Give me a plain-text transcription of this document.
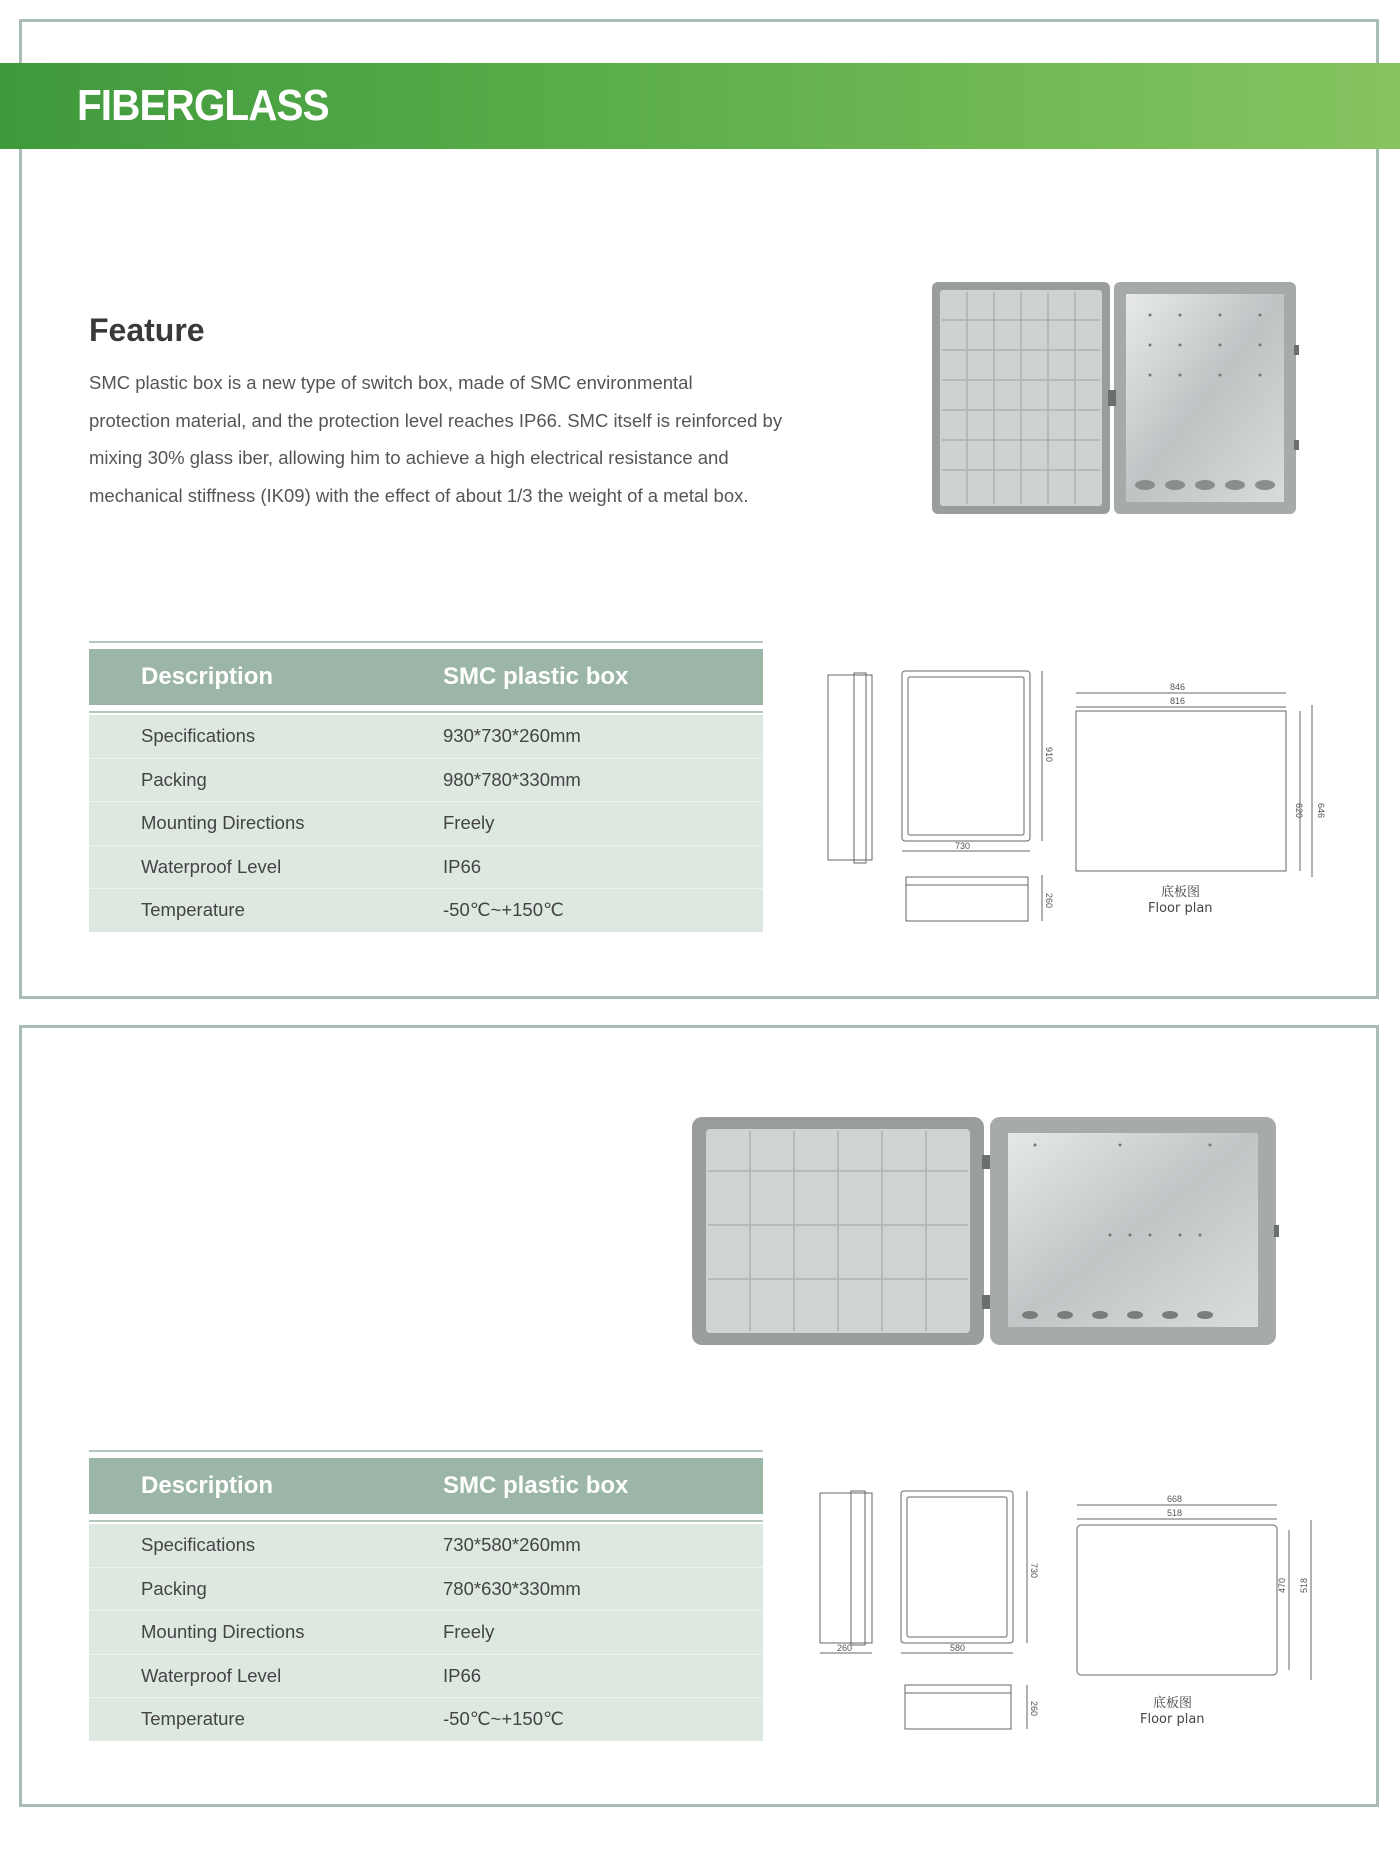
FIBERGLASS
Feature

SMC plastic box is a new type of switch box, made of SMC environmental
protection material, and the protection level reaches IP66. SMC itself is reinforced by
mixing 30% glass iber, allowing him to achieve a high electrical resistance and
mechanical stiffness (IK09) with the effect of about 1/3 the weight of a metal box.

Description	SMC plastic box
Specifications	930*730*260mm
Packing	980*780*330mm
Mounting Directions	Freely
Waterproof Level	IP66
Temperature	-50℃~+150℃
846
816
620 646
910
730
260
底板图
Floor plan
Description	SMC plastic box
Specifications	730*580*260mm
Packing	780*630*330mm
Mounting Directions	Freely
Waterproof Level	IP66
Temperature	-50℃~+150℃
668
518
470 518
730
580
260
260	底板图
Floor plan
